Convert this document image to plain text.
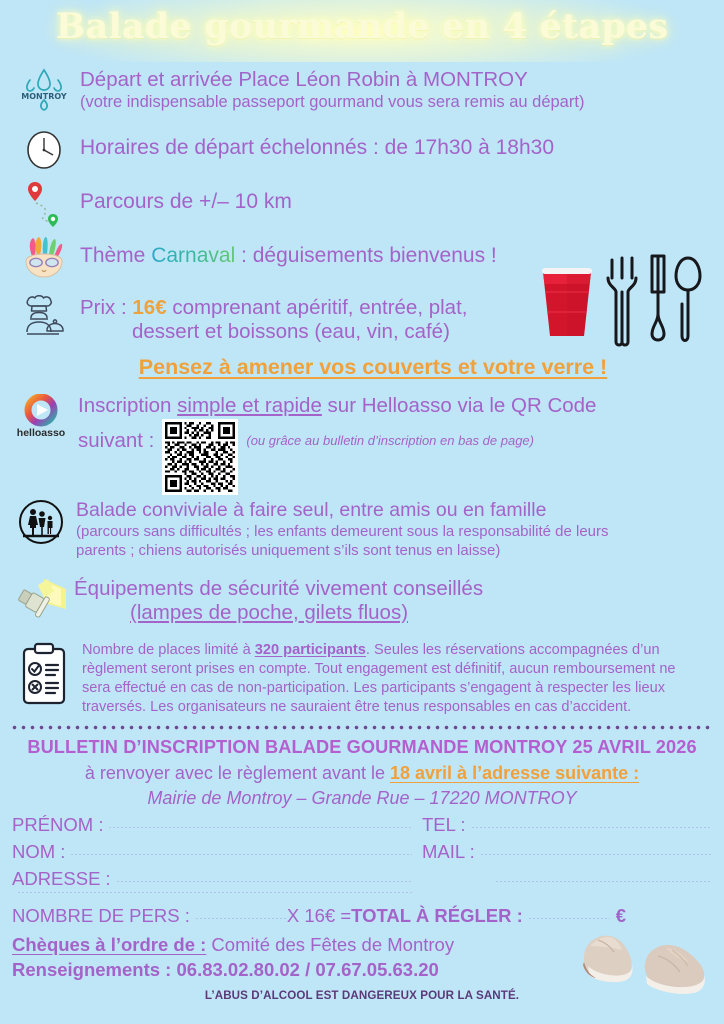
Balade gourmande en 4 étapes
MONTROY
Départ et arrivée Place Léon Robin à MONTROY
(votre indispensable passeport gourmand vous sera remis au départ)
Horaires de départ échelonnés : de 17h30 à 18h30
Parcours de +/– 10 km
Thème Carnaval : déguisements bienvenus !
Prix : 16€ comprenant apéritif, entrée, plat,
dessert et boissons (eau, vin, café)
Pensez à amener vos couverts et votre verre !
helloasso
Inscription simple et rapide sur Helloasso via le QR Code
suivant :	(ou grâce au bulletin d’inscription en bas de page)
Balade conviviale à faire seul, entre amis ou en famille
(parcours sans difficultés ; les enfants demeurent sous la responsabilité de leurs
parents ; chiens autorisés uniquement s’ils sont tenus en laisse)
Équipements de sécurité vivement conseillés
(lampes de poche, gilets fluos)
Nombre de places limité à 320 participants. Seules les réservations accompagnées d’un règlement seront prises en compte. Tout engagement est définitif, aucun remboursement ne sera effectué en cas de non-participation. Les participants s’engagent à respecter les lieux traversés. Les organisateurs ne sauraient être tenus responsables en cas d’accident.
BULLETIN D’INSCRIPTION BALADE GOURMANDE MONTROY 25 AVRIL 2026
à renvoyer avec le règlement avant le 18 avril à l’adresse suivante :
Mairie de Montroy – Grande Rue – 17220 MONTROY
PRÉNOM :	TEL :
NOM :	MAIL :
ADRESSE :
NOMBRE DE PERS :	X 16€ = TOTAL À RÉGLER :	€
Chèques à l’ordre de : Comité des Fêtes de Montroy
Renseignements : 06.83.02.80.02 / 07.67.05.63.20
L’ABUS D’ALCOOL EST DANGEREUX POUR LA SANTÉ.
